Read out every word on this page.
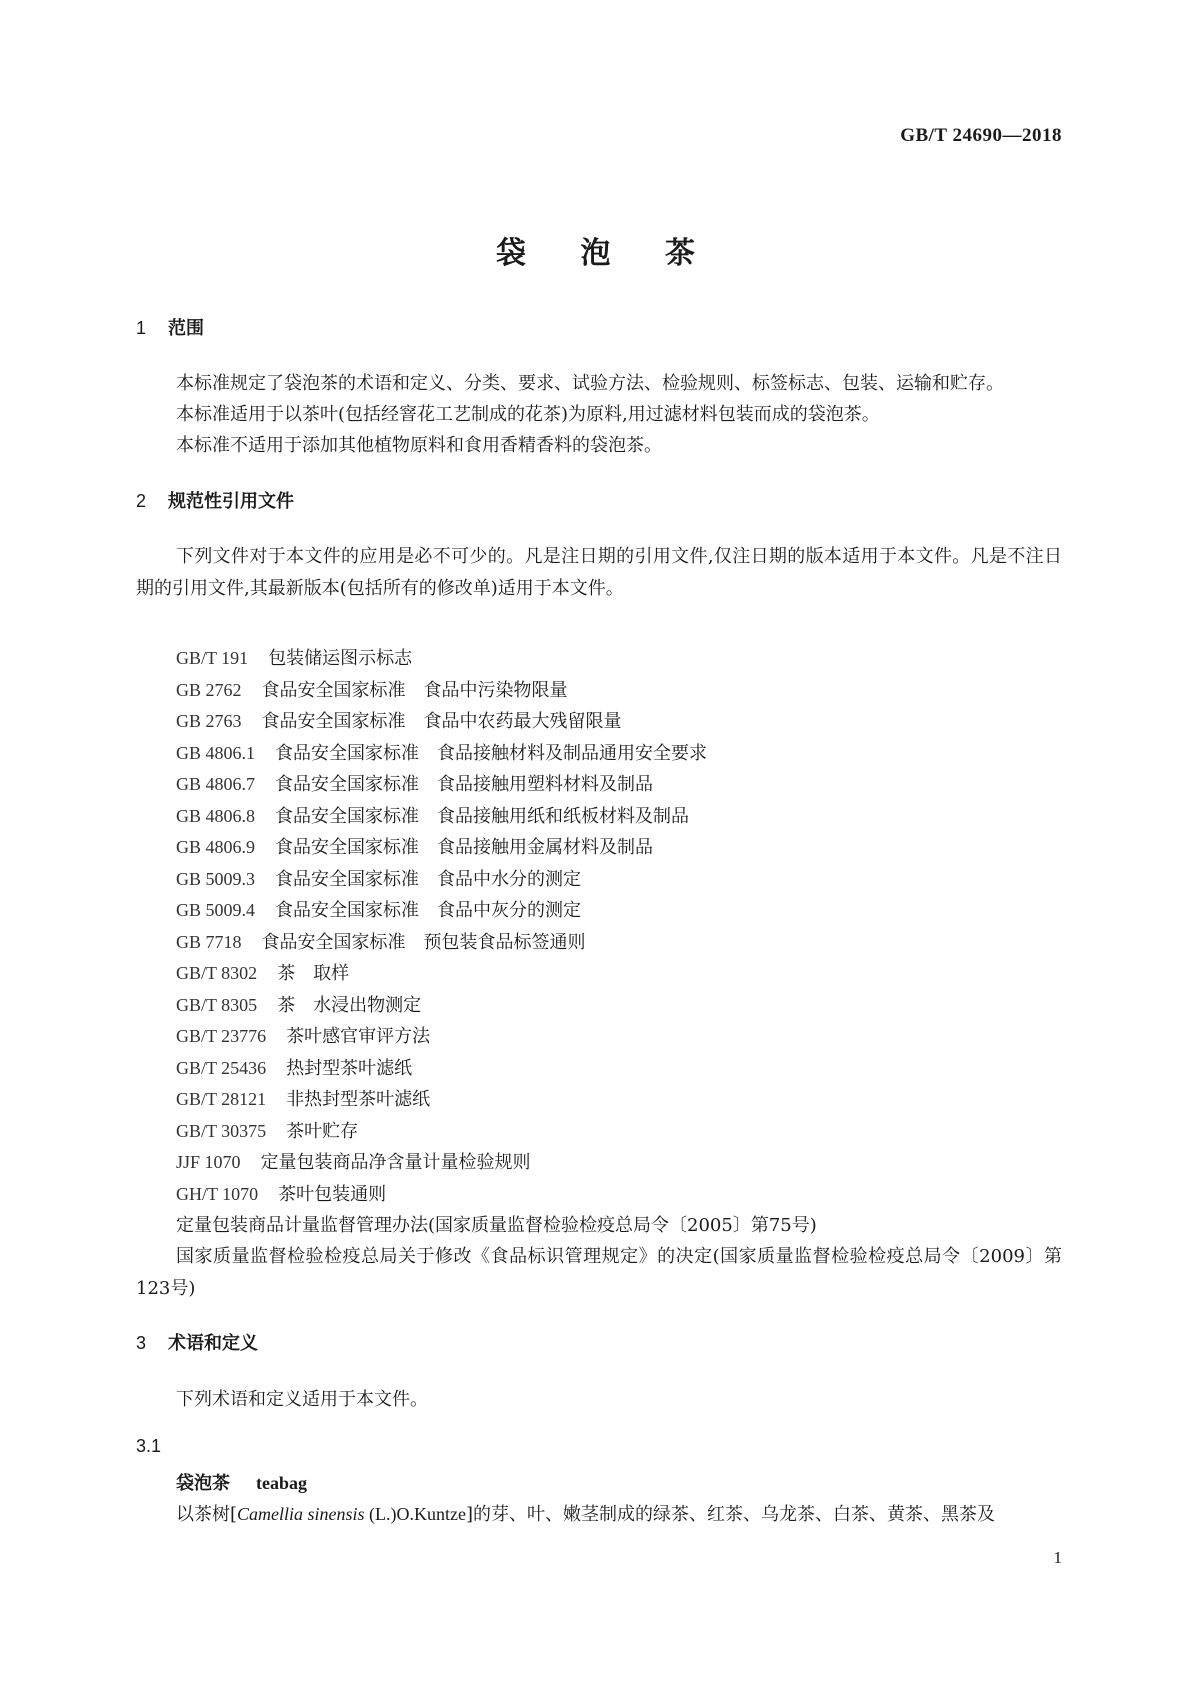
GB/T 24690—2018
袋 泡 茶
1 范围
本标准规定了袋泡茶的术语和定义、分类、要求、试验方法、检验规则、标签标志、包装、运输和贮存。
本标准适用于以茶叶(包括经窨花工艺制成的花茶)为原料,用过滤材料包装而成的袋泡茶。
本标准不适用于添加其他植物原料和食用香精香料的袋泡茶。
2 规范性引用文件
下列文件对于本文件的应用是必不可少的。凡是注日期的引用文件,仅注日期的版本适用于本文件。凡是不注日期的引用文件,其最新版本(包括所有的修改单)适用于本文件。
GB/T 191 包装储运图示标志
GB 2762 食品安全国家标准　食品中污染物限量
GB 2763 食品安全国家标准　食品中农药最大残留限量
GB 4806.1 食品安全国家标准　食品接触材料及制品通用安全要求
GB 4806.7 食品安全国家标准　食品接触用塑料材料及制品
GB 4806.8 食品安全国家标准　食品接触用纸和纸板材料及制品
GB 4806.9 食品安全国家标准　食品接触用金属材料及制品
GB 5009.3 食品安全国家标准　食品中水分的测定
GB 5009.4 食品安全国家标准　食品中灰分的测定
GB 7718 食品安全国家标准　预包装食品标签通则
GB/T 8302 茶　取样
GB/T 8305 茶　水浸出物测定
GB/T 23776 茶叶感官审评方法
GB/T 25436 热封型茶叶滤纸
GB/T 28121 非热封型茶叶滤纸
GB/T 30375 茶叶贮存
JJF 1070 定量包装商品净含量计量检验规则
GH/T 1070 茶叶包装通则
定量包装商品计量监督管理办法(国家质量监督检验检疫总局令〔2005〕第75号)
国家质量监督检验检疫总局关于修改《食品标识管理规定》的决定(国家质量监督检验检疫总局令〔2009〕第123号)
3 术语和定义
下列术语和定义适用于本文件。
3.1
袋泡茶 teabag
以茶树[Camellia sinensis (L.)O.Kuntze]的芽、叶、嫩茎制成的绿茶、红茶、乌龙茶、白茶、黄茶、黑茶及
1
